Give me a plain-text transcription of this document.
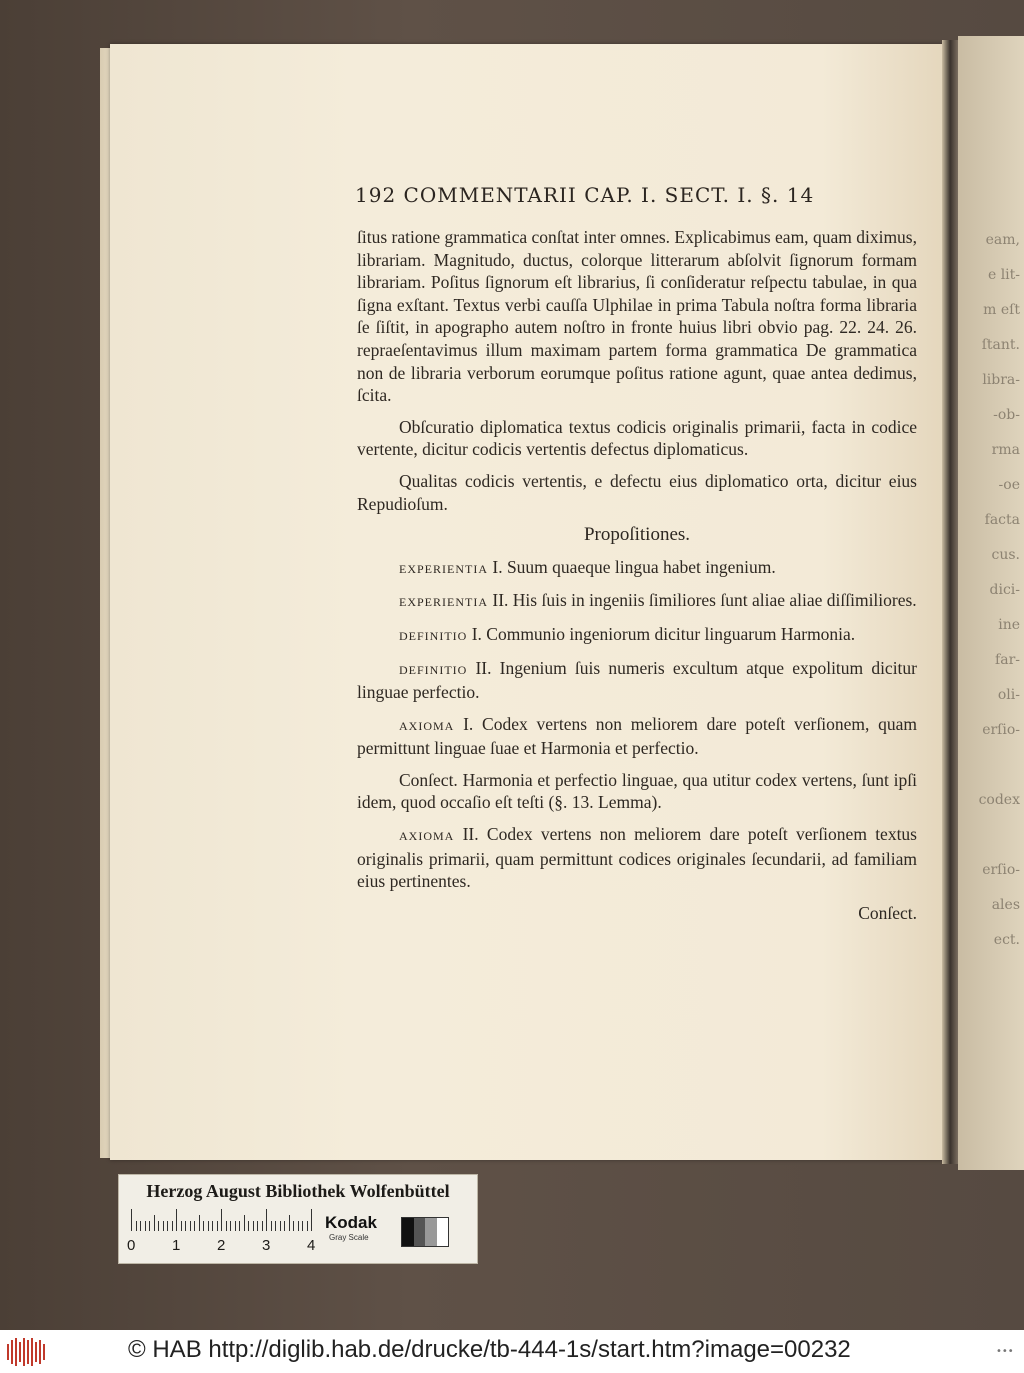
eam,
e lit-
m eſt
ſtant.
libra-
-ob-
rma
-oe
facta
cus.
dici-
ine
far-
oli-
erſio-
codex
erſio-
ales
ect.
192 COMMENTARII CAP. I. SECT. I. §. 14

ſitus ratione grammatica conſtat inter omnes. Explicabimus eam, quam diximus, librariam. Magnitudo, ductus, colorque litterarum abſolvit ſignorum formam librariam. Poſitus ſignorum eſt librarius, ſi conſideratur reſpectu tabulae, in qua ſigna exſtant. Textus verbi cauſſa Ulphilae in prima Tabula noſtra forma libraria ſe ſiſtit, in apographo autem noſtro in fronte huius libri obvio pag. 22. 24. 26. repraeſentavimus illum maximam partem forma grammatica De grammatica non de libraria verborum eorumque poſitus ratione agunt, quae antea dedimus, ſcita.

Obſcuratio diplomatica textus codicis originalis primarii, facta in codice vertente, dicitur codicis vertentis defectus diplomaticus.

Qualitas codicis vertentis, e defectu eius diplomatico orta, dicitur eius Repudioſum.

Propoſitiones.

EXPERIENTIA I. Suum quaeque lingua habet ingenium.

EXPERIENTIA II. His ſuis in ingeniis ſimiliores ſunt aliae aliae diſſimiliores.

DEFINITIO I. Communio ingeniorum dicitur linguarum Harmonia.

DEFINITIO II. Ingenium ſuis numeris excultum atque expolitum dicitur linguae perfectio.

AXIOMA I. Codex vertens non meliorem dare poteſt verſionem, quam permittunt linguae ſuae et Harmonia et perfectio.

Conſect. Harmonia et perfectio linguae, qua utitur codex vertens, ſunt ipſi idem, quod occaſio eſt teſti (§. 13. Lemma).

AXIOMA II. Codex vertens non meliorem dare poteſt verſionem textus originalis primarii, quam permittunt codices originales ſecundarii, ad familiam eius pertinentes.

Conſect.
Herzog August Bibliothek Wolfenbüttel
0 1 2 3 4
Kodak
Gray Scale
© HAB http://diglib.hab.de/drucke/tb-444-1s/start.htm?image=00232	•••
